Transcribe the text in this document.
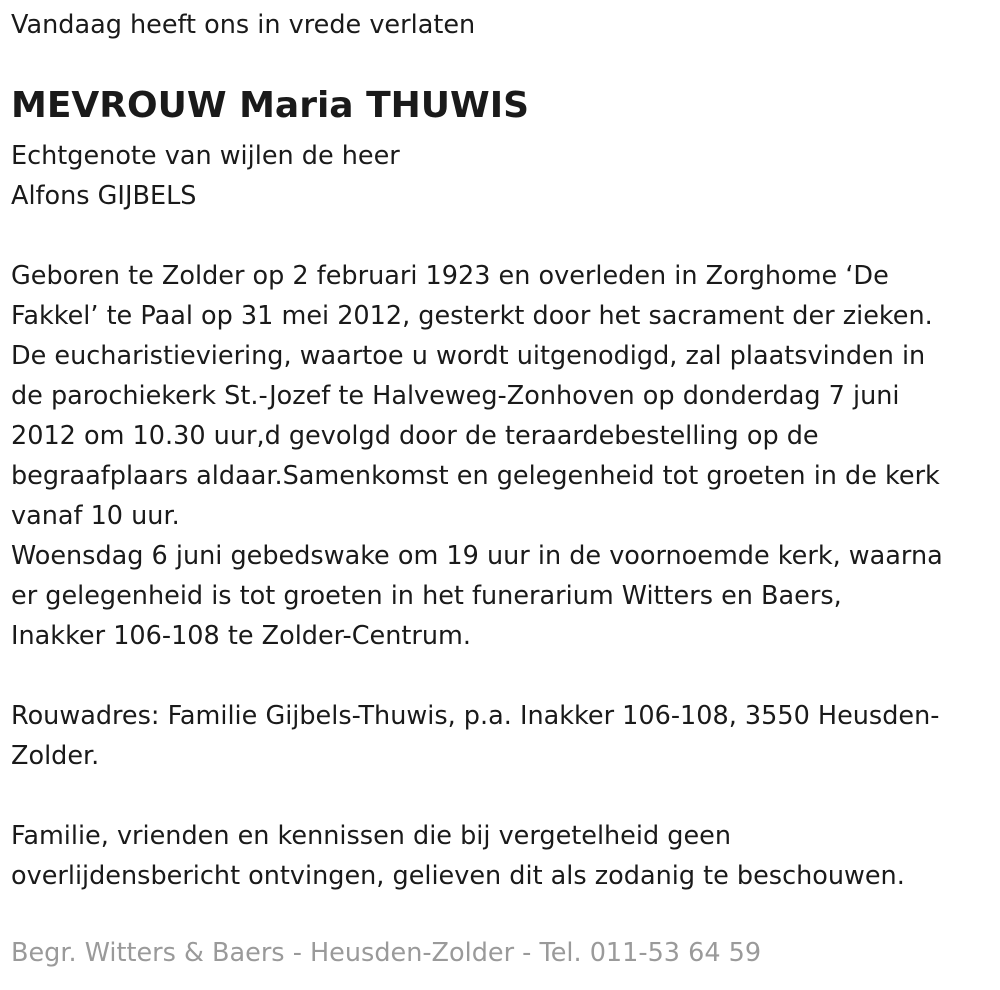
Vandaag heeft ons in vrede verlaten
MEVROUW Maria THUWIS
Echtgenote van wijlen de heer
Alfons GIJBELS
Geboren te Zolder op 2 februari 1923 en overleden in Zorghome ‘De
Fakkel’ te Paal op 31 mei 2012, gesterkt door het sacrament der zieken.
De eucharistieviering, waartoe u wordt uitgenodigd, zal plaatsvinden in
de parochiekerk St.-Jozef te Halveweg-Zonhoven op donderdag 7 juni
2012 om 10.30 uur,d gevolgd door de teraardebestelling op de
begraafplaars aldaar.Samenkomst en gelegenheid tot groeten in de kerk
vanaf 10 uur.
Woensdag 6 juni gebedswake om 19 uur in de voornoemde kerk, waarna
er gelegenheid is tot groeten in het funerarium Witters en Baers,
Inakker 106-108 te Zolder-Centrum.
Rouwadres: Familie Gijbels-Thuwis, p.a. Inakker 106-108, 3550 Heusden-
Zolder.
Familie, vrienden en kennissen die bij vergetelheid geen
overlijdensbericht ontvingen, gelieven dit als zodanig te beschouwen.
Begr. Witters & Baers - Heusden-Zolder - Tel. 011-53 64 59
